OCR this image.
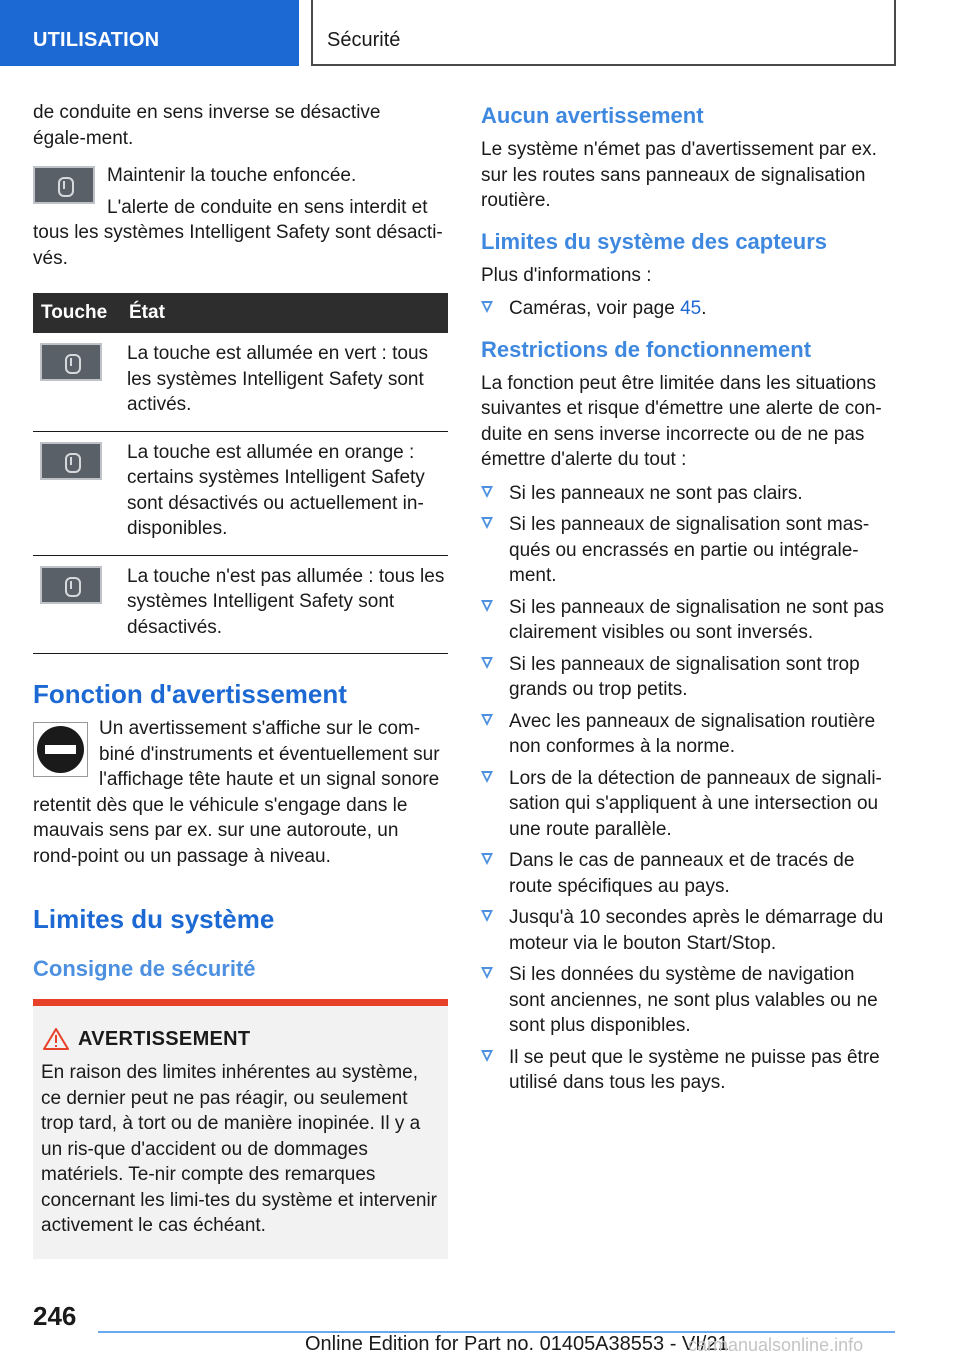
UTILISATION	Sécurité

de conduite en sens inverse se désactive égale-ment.

Maintenir la touche enfoncée.

L'alerte de conduite en sens interdit et

tous les systèmes Intelligent Safety sont désacti-vés.

Touche	État

	La touche est allumée en vert : tous les systèmes Intelligent Safety sont activés.

	La touche est allumée en orange : certains systèmes Intelligent Safety sont désactivés ou actuellement in-disponibles.

	La touche n'est pas allumée : tous les systèmes Intelligent Safety sont désactivés.
Fonction d'avertissement

Un avertissement s'affiche sur le com-biné d'instruments et éventuellement sur l'affichage tête haute et un signal sonore

retentit dès que le véhicule s'engage dans le mauvais sens par ex. sur une autoroute, un rond-point ou un passage à niveau.

Limites du système
Consigne de sécurité
AVERTISSEMENT

En raison des limites inhérentes au système, ce dernier peut ne pas réagir, ou seulement trop tard, à tort ou de manière inopinée. Il y a un ris-que d'accident ou de dommages matériels. Te-nir compte des remarques concernant les limi-tes du système et intervenir activement le cas échéant.

Aucun avertissement

Le système n'émet pas d'avertissement par ex. sur les routes sans panneaux de signalisation routière.

Limites du système des capteurs

Plus d'informations :

Caméras, voir page 45.
Restrictions de fonctionnement

La fonction peut être limitée dans les situations suivantes et risque d'émettre une alerte de con-duite en sens inverse incorrecte ou de ne pas émettre d'alerte du tout :

Si les panneaux ne sont pas clairs.
Si les panneaux de signalisation sont mas-qués ou encrassés en partie ou intégrale-ment.
Si les panneaux de signalisation ne sont pas clairement visibles ou sont inversés.
Si les panneaux de signalisation sont trop grands ou trop petits.
Avec les panneaux de signalisation routière non conformes à la norme.
Lors de la détection de panneaux de signali-sation qui s'appliquent à une intersection ou une route parallèle.
Dans le cas de panneaux et de tracés de route spécifiques au pays.
Jusqu'à 10 secondes après le démarrage du moteur via le bouton Start/Stop.
Si les données du système de navigation sont anciennes, ne sont plus valables ou ne sont plus disponibles.
Il se peut que le système ne puisse pas être utilisé dans tous les pays.
246
Online Edition for Part no. 01405A38553 - VI/21
carmanualsonline.info
